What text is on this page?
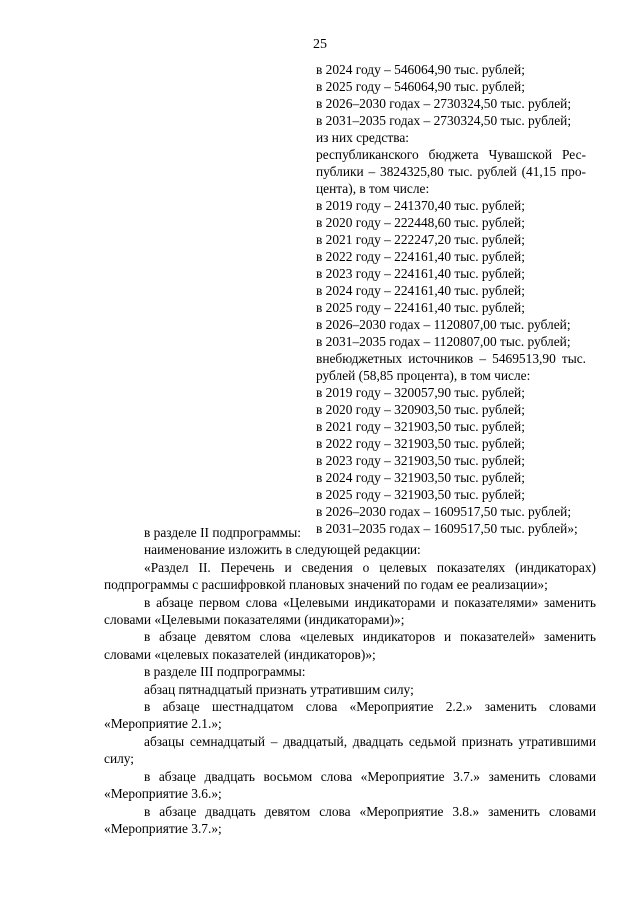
25

в 2024 году – 546064,90 тыс. рублей;

в 2025 году – 546064,90 тыс. рублей;

в 2026–2030 годах – 2730324,50 тыс. рублей;

в 2031–2035 годах – 2730324,50 тыс. рублей;

из них средства:

республиканского бюджета Чувашской Рес-

публики – 3824325,80 тыс. рублей (41,15 про-

цента), в том числе:

в 2019 году – 241370,40 тыс. рублей;

в 2020 году – 222448,60 тыс. рублей;

в 2021 году – 222247,20 тыс. рублей;

в 2022 году – 224161,40 тыс. рублей;

в 2023 году – 224161,40 тыс. рублей;

в 2024 году – 224161,40 тыс. рублей;

в 2025 году – 224161,40 тыс. рублей;

в 2026–2030 годах – 1120807,00 тыс. рублей;

в 2031–2035 годах – 1120807,00 тыс. рублей;

внебюджетных источников – 5469513,90 тыс.

рублей (58,85 процента), в том числе:

в 2019 году – 320057,90 тыс. рублей;

в 2020 году – 320903,50 тыс. рублей;

в 2021 году – 321903,50 тыс. рублей;

в 2022 году – 321903,50 тыс. рублей;

в 2023 году – 321903,50 тыс. рублей;

в 2024 году – 321903,50 тыс. рублей;

в 2025 году – 321903,50 тыс. рублей;

в 2026–2030 годах – 1609517,50 тыс. рублей;

в 2031–2035 годах – 1609517,50 тыс. рублей»;

в разделе II подпрограммы:

наименование изложить в следующей редакции:

«Раздел II. Перечень и сведения о целевых показателях (индикаторах) подпрограммы с расшифровкой плановых значений по годам ее реализации»;

в абзаце первом слова «Целевыми индикаторами и показателями» заменить словами «Целевыми показателями (индикаторами)»;

в абзаце девятом слова «целевых индикаторов и показателей» заменить словами «целевых показателей (индикаторов)»;

в разделе III подпрограммы:

абзац пятнадцатый признать утратившим силу;

в абзаце шестнадцатом слова «Мероприятие 2.2.» заменить словами «Мероприятие 2.1.»;

абзацы семнадцатый – двадцатый, двадцать седьмой признать утратившими силу;

в абзаце двадцать восьмом слова «Мероприятие 3.7.» заменить словами «Мероприятие 3.6.»;

в абзаце двадцать девятом слова «Мероприятие 3.8.» заменить словами «Мероприятие 3.7.»;
